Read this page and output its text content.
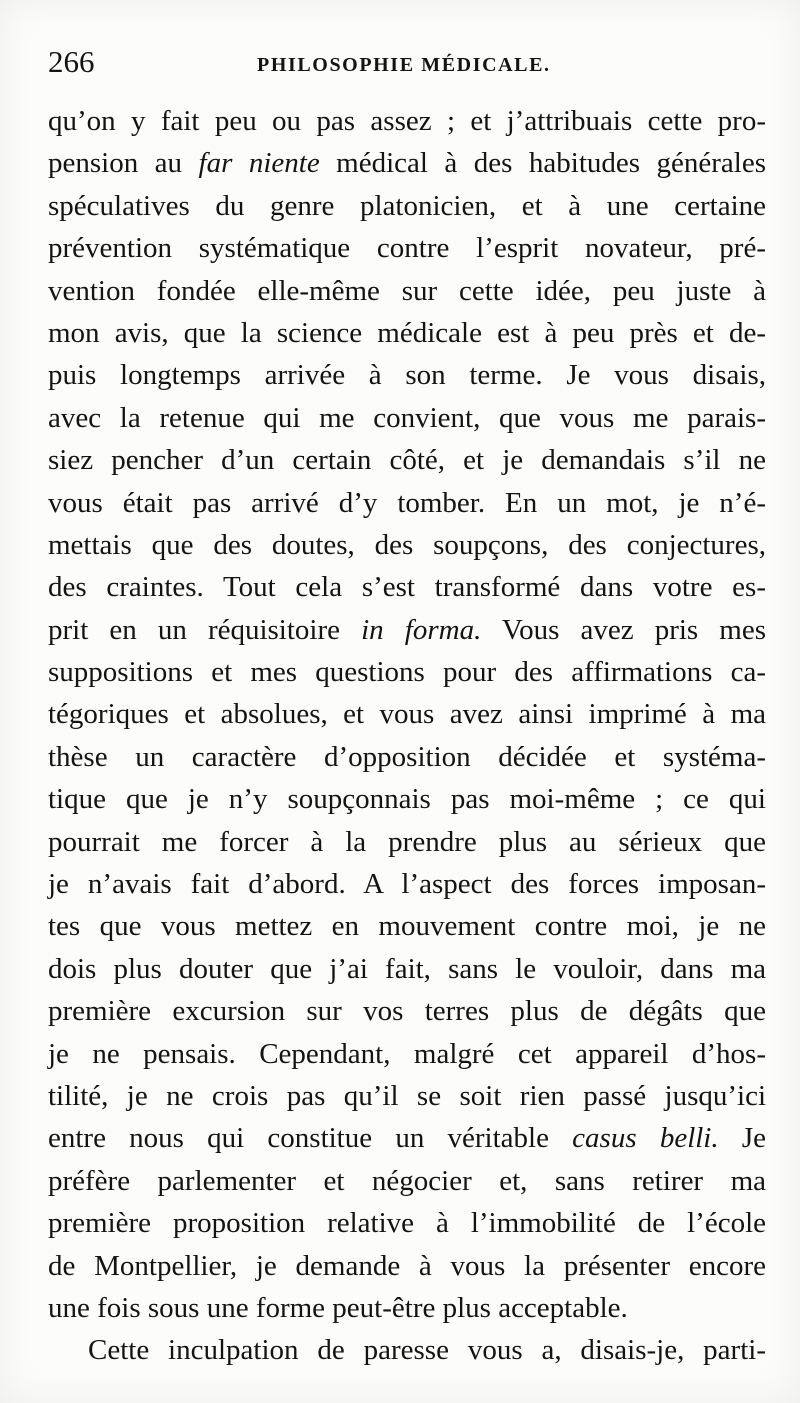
266	PHILOSOPHIE MÉDICALE.
qu’on y fait peu ou pas assez ; et j’attribuais cette pro-
pension au far niente médical à des habitudes générales
spéculatives du genre platonicien, et à une certaine
prévention systématique contre l’esprit novateur, pré-
vention fondée elle-même sur cette idée, peu juste à
mon avis, que la science médicale est à peu près et de-
puis longtemps arrivée à son terme. Je vous disais,
avec la retenue qui me convient, que vous me parais-
siez pencher d’un certain côté, et je demandais s’il ne
vous était pas arrivé d’y tomber. En un mot, je n’é-
mettais que des doutes, des soupçons, des conjectures,
des craintes. Tout cela s’est transformé dans votre es-
prit en un réquisitoire in forma. Vous avez pris mes
suppositions et mes questions pour des affirmations ca-
tégoriques et absolues, et vous avez ainsi imprimé à ma
thèse un caractère d’opposition décidée et systéma-
tique que je n’y soupçonnais pas moi-même ; ce qui
pourrait me forcer à la prendre plus au sérieux que
je n’avais fait d’abord. A l’aspect des forces imposan-
tes que vous mettez en mouvement contre moi, je ne
dois plus douter que j’ai fait, sans le vouloir, dans ma
première excursion sur vos terres plus de dégâts que
je ne pensais. Cependant, malgré cet appareil d’hos-
tilité, je ne crois pas qu’il se soit rien passé jusqu’ici
entre nous qui constitue un véritable casus belli. Je
préfère parlementer et négocier et, sans retirer ma
première proposition relative à l’immobilité de l’école
de Montpellier, je demande à vous la présenter encore
une fois sous une forme peut-être plus acceptable.
Cette inculpation de paresse vous a, disais-je, parti-
